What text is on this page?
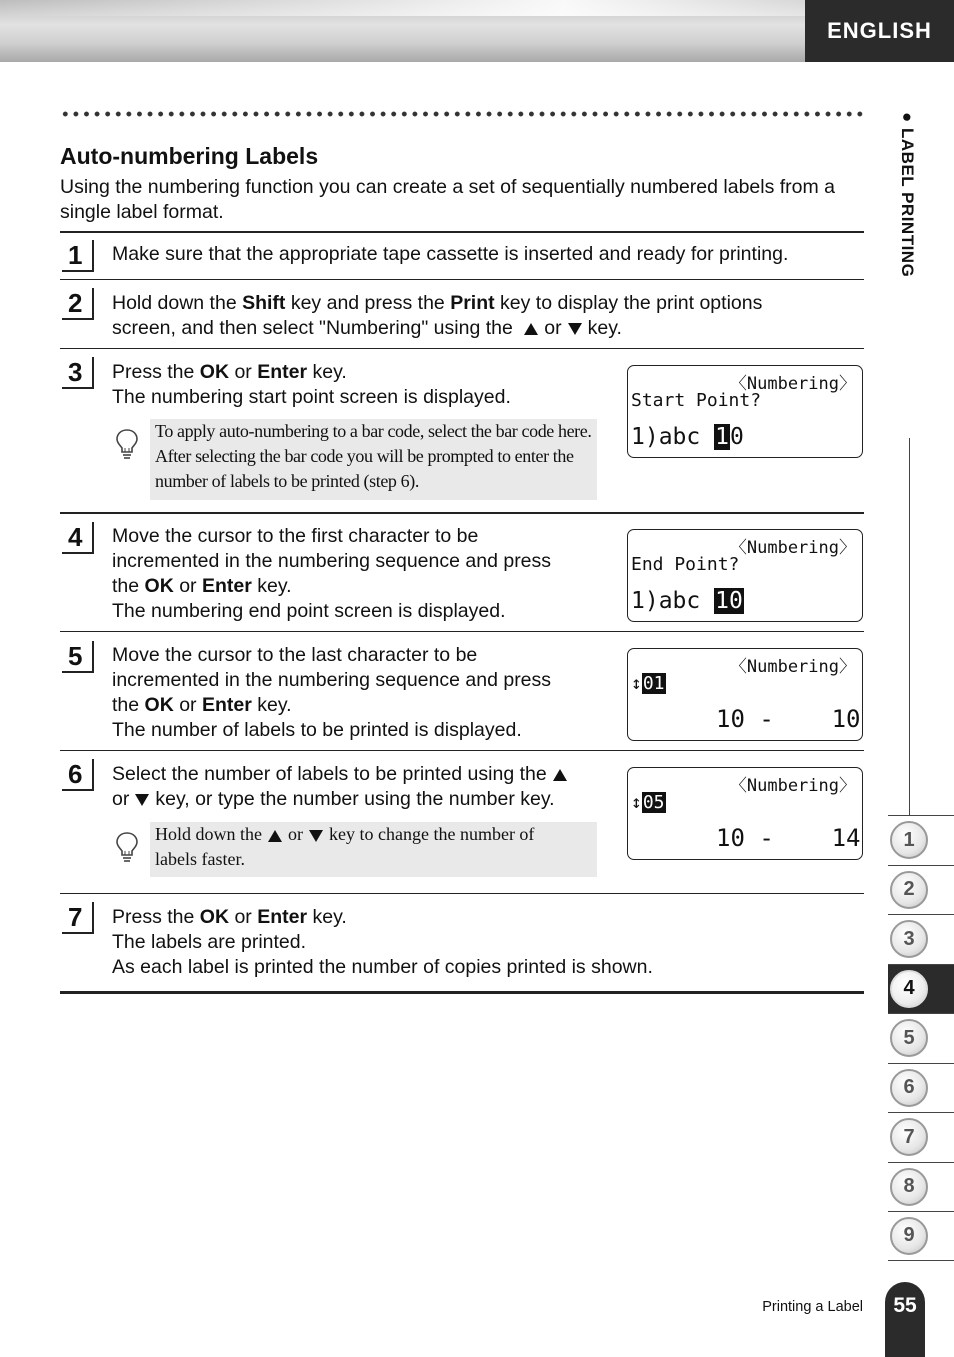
ENGLISH
Auto-numbering Labels
Using the numbering function you can create a set of sequentially numbered labels from a single label format.
1	Make sure that the appropriate tape cassette is inserted and ready for printing.
2	Hold down the Shift key and press the Print key to display the print options
screen, and then select "Numbering" using the or key.
3	Press the OK or Enter key.
The numbering start point screen is displayed.
To apply auto-numbering to a bar code, select the bar code here. After selecting the bar code you will be prompted to enter the number of labels to be printed (step 6).
〈Numbering〉
Start Point?
1)abc 10
4	Move the cursor to the first character to be
incremented in the numbering sequence and press
the OK or Enter key.
The numbering end point screen is displayed.
〈Numbering〉
End Point?
1)abc 10
5	Move the cursor to the last character to be
incremented in the numbering sequence and press
the OK or Enter key.
The number of labels to be printed is displayed.
〈Numbering〉
↕01
10 -    10
6	Select the number of labels to be printed using the
or key, or type the number using the number key.
Hold down the or key to change the number of
labels faster.
〈Numbering〉
↕05
10 -    14
7	Press the OK or Enter key.
The labels are printed.
As each label is printed the number of copies printed is shown.
● LABEL PRINTING
1
2
3
4
5
6
7
8
9
Printing a Label	55
